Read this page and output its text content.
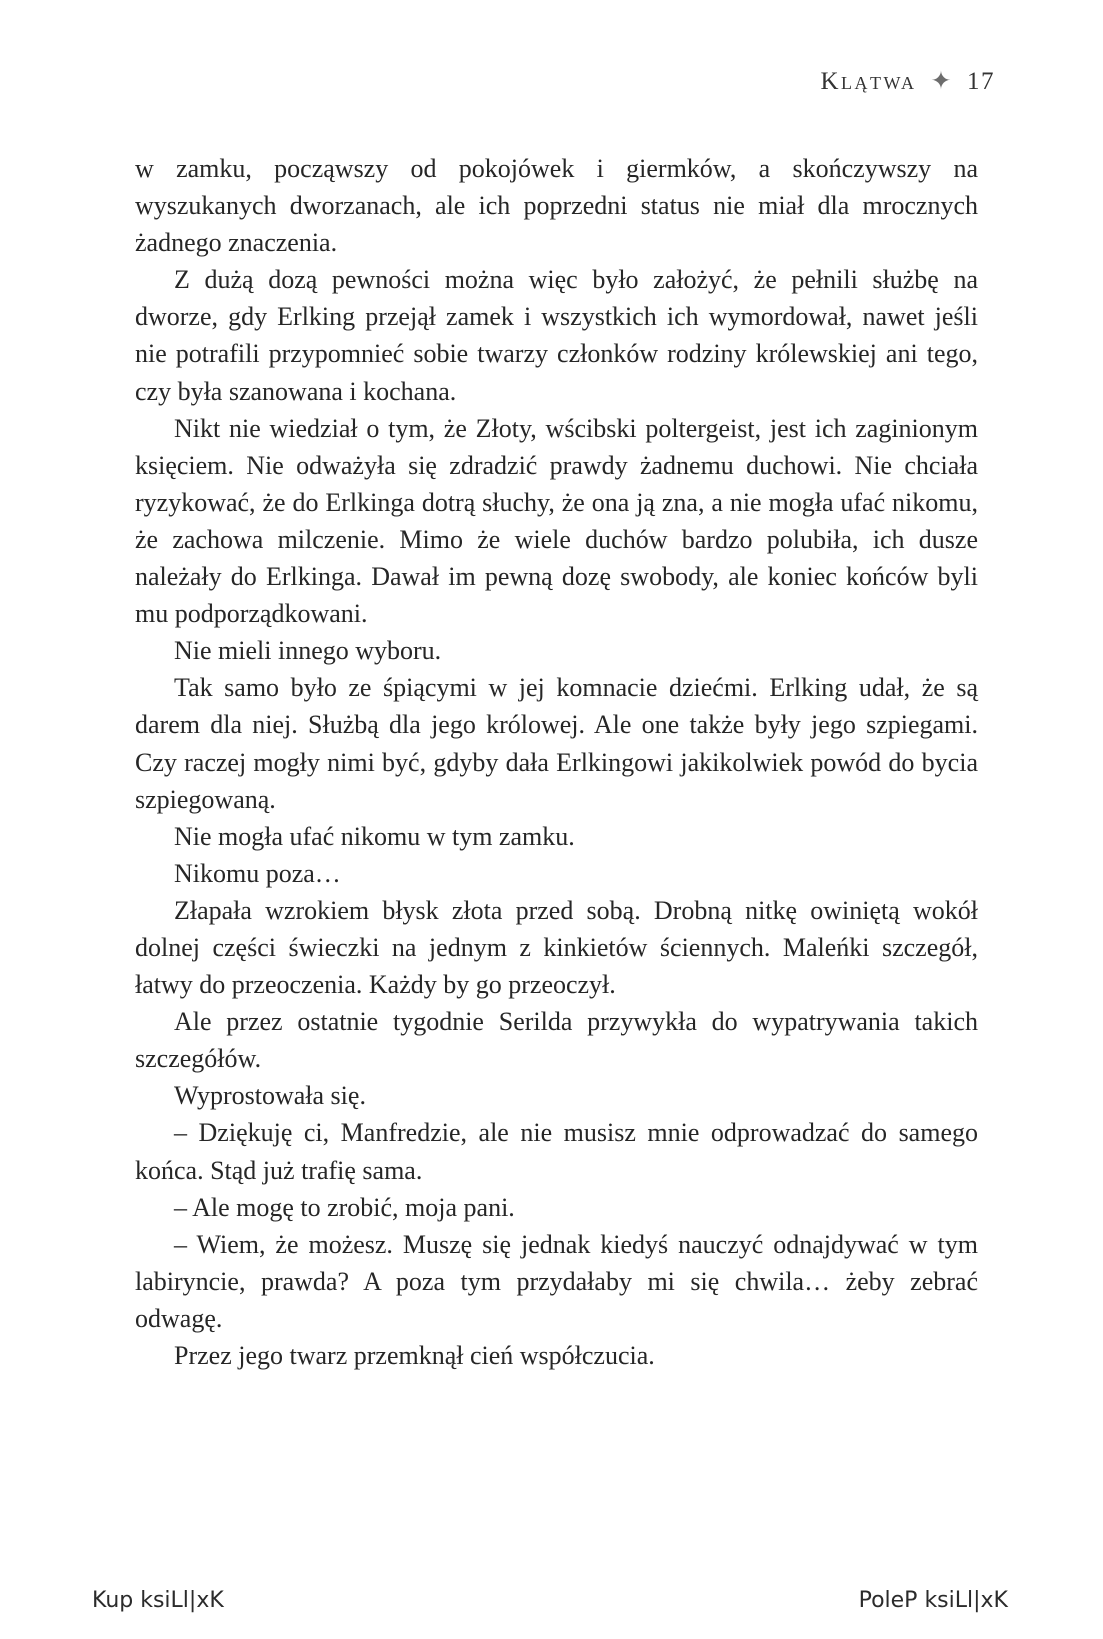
Klątwa ✦ 17

w zamku, począwszy od pokojówek i giermków, a skończywszy na wyszukanych dworzanach, ale ich poprzedni status nie miał dla mrocznych żadnego znaczenia.

Z dużą dozą pewności można więc było założyć, że pełnili służbę na dworze, gdy Erlking przejął zamek i wszystkich ich wymordował, nawet jeśli nie potrafili przypomnieć sobie twarzy członków rodziny królewskiej ani tego, czy była szanowana i kochana.

Nikt nie wiedział o tym, że Złoty, wścibski poltergeist, jest ich zaginionym księciem. Nie odważyła się zdradzić prawdy żadnemu duchowi. Nie chciała ryzykować, że do Erlkinga dotrą słuchy, że ona ją zna, a nie mogła ufać nikomu, że zachowa milczenie. Mimo że wiele duchów bardzo polubiła, ich dusze należały do Erlkinga. Dawał im pewną dozę swobody, ale koniec końców byli mu podporządkowani.

Nie mieli innego wyboru.

Tak samo było ze śpiącymi w jej komnacie dziećmi. Erlking udał, że są darem dla niej. Służbą dla jego królowej. Ale one także były jego szpiegami. Czy raczej mogły nimi być, gdyby dała Erlkingowi jakikolwiek powód do bycia szpiegowaną.

Nie mogła ufać nikomu w tym zamku.

Nikomu poza…

Złapała wzrokiem błysk złota przed sobą. Drobną nitkę owiniętą wokół dolnej części świeczki na jednym z kinkietów ściennych. Maleńki szczegół, łatwy do przeoczenia. Każdy by go przeoczył.

Ale przez ostatnie tygodnie Serilda przywykła do wypatrywania takich szczegółów.

Wyprostowała się.

– Dziękuję ci, Manfredzie, ale nie musisz mnie odprowadzać do samego końca. Stąd już trafię sama.

– Ale mogę to zrobić, moja pani.

– Wiem, że możesz. Muszę się jednak kiedyś nauczyć odnajdywać w tym labiryncie, prawda? A poza tym przydałaby mi się chwila… żeby zebrać odwagę.

Przez jego twarz przemknął cień współczucia.

Kup ksiLl|xK	PoleP ksiLl|xK
